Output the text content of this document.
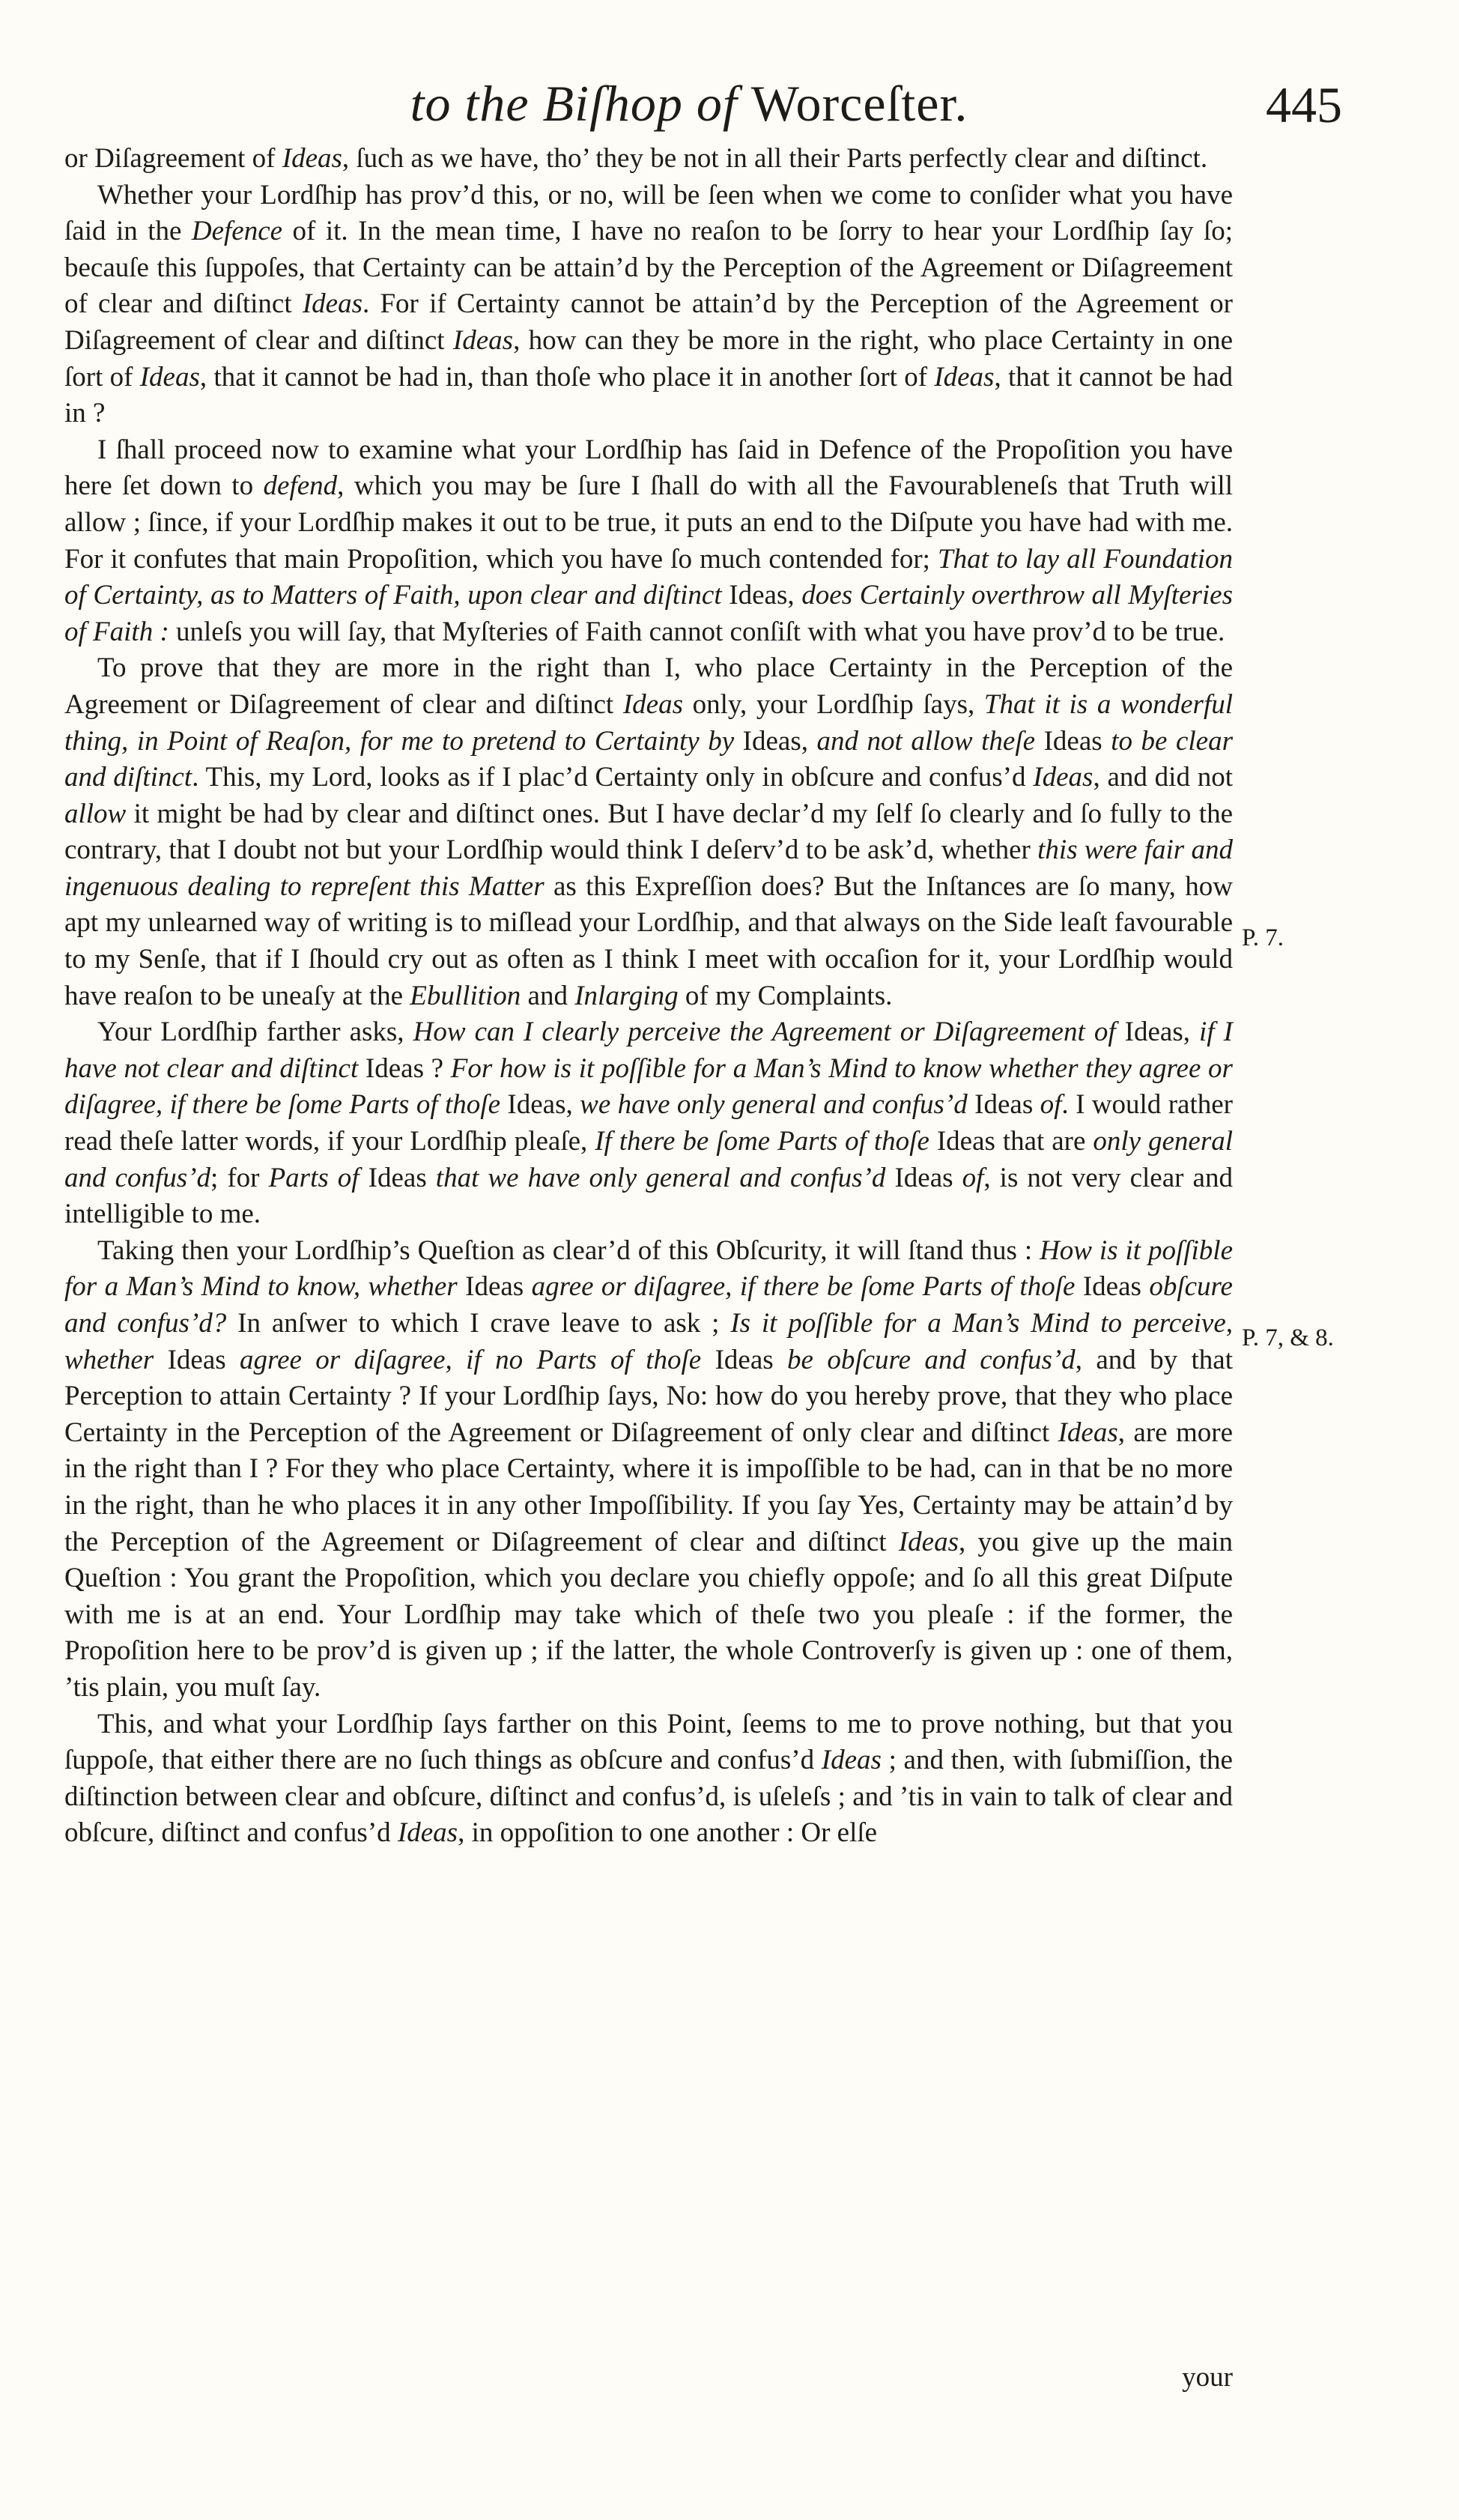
to the Biſhop of Worceſter.	445

or Diſagreement of Ideas, ſuch as we have, tho’ they be not in all their Parts perfectly clear and diſtinct.

Whether your Lordſhip has prov’d this, or no, will be ſeen when we come to conſider what you have ſaid in the Defence of it. In the mean time, I have no reaſon to be ſorry to hear your Lordſhip ſay ſo; becauſe this ſuppoſes, that Certainty can be attain’d by the Perception of the Agreement or Diſagreement of clear and diſtinct Ideas. For if Certainty cannot be attain’d by the Perception of the Agreement or Diſagreement of clear and diſtinct Ideas, how can they be more in the right, who place Certainty in one ſort of Ideas, that it cannot be had in, than thoſe who place it in another ſort of Ideas, that it cannot be had in ?

I ſhall proceed now to examine what your Lordſhip has ſaid in Defence of the Propoſition you have here ſet down to defend, which you may be ſure I ſhall do with all the Favourableneſs that Truth will allow ; ſince, if your Lordſhip makes it out to be true, it puts an end to the Diſpute you have had with me. For it confutes that main Propoſition, which you have ſo much contended for; That to lay all Foundation of Certainty, as to Matters of Faith, upon clear and diſtinct Ideas, does Certainly overthrow all Myſteries of Faith : unleſs you will ſay, that Myſteries of Faith cannot conſiſt with what you have prov’d to be true.

To prove that they are more in the right than I, who place Certainty in the Perception of the Agreement or Diſagreement of clear and diſtinct Ideas only, your Lordſhip ſays, That it is a wonderful thing, in Point of Reaſon, for me to pretend to Certainty by Ideas, and not allow theſe Ideas to be clear and diſtinct. This, my Lord, looks as if I plac’d Certainty only in obſcure and confus’d Ideas, and did not allow it might be had by clear and diſtinct ones. But I have declar’d my ſelf ſo clearly and ſo fully to the contrary, that I doubt not but your Lordſhip would think I deſerv’d to be ask’d, whether this were fair and ingenuous dealing to repreſent this Matter as this Expreſſion does? But the Inſtances are ſo many, how apt my unlearned way of writing is to miſlead your Lordſhip, and that always on the Side leaſt favourable to my Senſe, that if I ſhould cry out as often as I think I meet with occaſion for it, your Lordſhip would have reaſon to be uneaſy at the Ebullition and Inlarging of my Complaints.

Your Lordſhip farther asks, How can I clearly perceive the Agreement or Diſagreement of Ideas, if I have not clear and diſtinct Ideas ? For how is it poſſible for a Man’s Mind to know whether they agree or diſagree, if there be ſome Parts of thoſe Ideas, we have only general and confus’d Ideas of. I would rather read theſe latter words, if your Lordſhip pleaſe, If there be ſome Parts of thoſe Ideas that are only general and confus’d; for Parts of Ideas that we have only general and confus’d Ideas of, is not very clear and intelligible to me.

Taking then your Lordſhip’s Queſtion as clear’d of this Obſcurity, it will ſtand thus : How is it poſſible for a Man’s Mind to know, whether Ideas agree or diſagree, if there be ſome Parts of thoſe Ideas obſcure and confus’d? In anſwer to which I crave leave to ask ; Is it poſſible for a Man’s Mind to perceive, whether Ideas agree or diſagree, if no Parts of thoſe Ideas be obſcure and confus’d, and by that Perception to attain Certainty ? If your Lordſhip ſays, No: how do you hereby prove, that they who place Certainty in the Perception of the Agreement or Diſagreement of only clear and diſtinct Ideas, are more in the right than I ? For they who place Certainty, where it is impoſſible to be had, can in that be no more in the right, than he who places it in any other Impoſſibility. If you ſay Yes, Certainty may be attain’d by the Perception of the Agreement or Diſagreement of clear and diſtinct Ideas, you give up the main Queſtion : You grant the Propoſition, which you declare you chiefly oppoſe; and ſo all this great Diſpute with me is at an end. Your Lordſhip may take which of theſe two you pleaſe : if the former, the Propoſition here to be prov’d is given up ; if the latter, the whole Controverſy is given up : one of them, ’tis plain, you muſt ſay.

This, and what your Lordſhip ſays farther on this Point, ſeems to me to prove nothing, but that you ſuppoſe, that either there are no ſuch things as obſcure and confus’d Ideas ; and then, with ſubmiſſion, the diſtinction between clear and obſcure, diſtinct and confus’d, is uſeleſs ; and ’tis in vain to talk of clear and obſcure, diſtinct and confus’d Ideas, in oppoſition to one another : Or elſe

P. 7.
P. 7, & 8.
your
